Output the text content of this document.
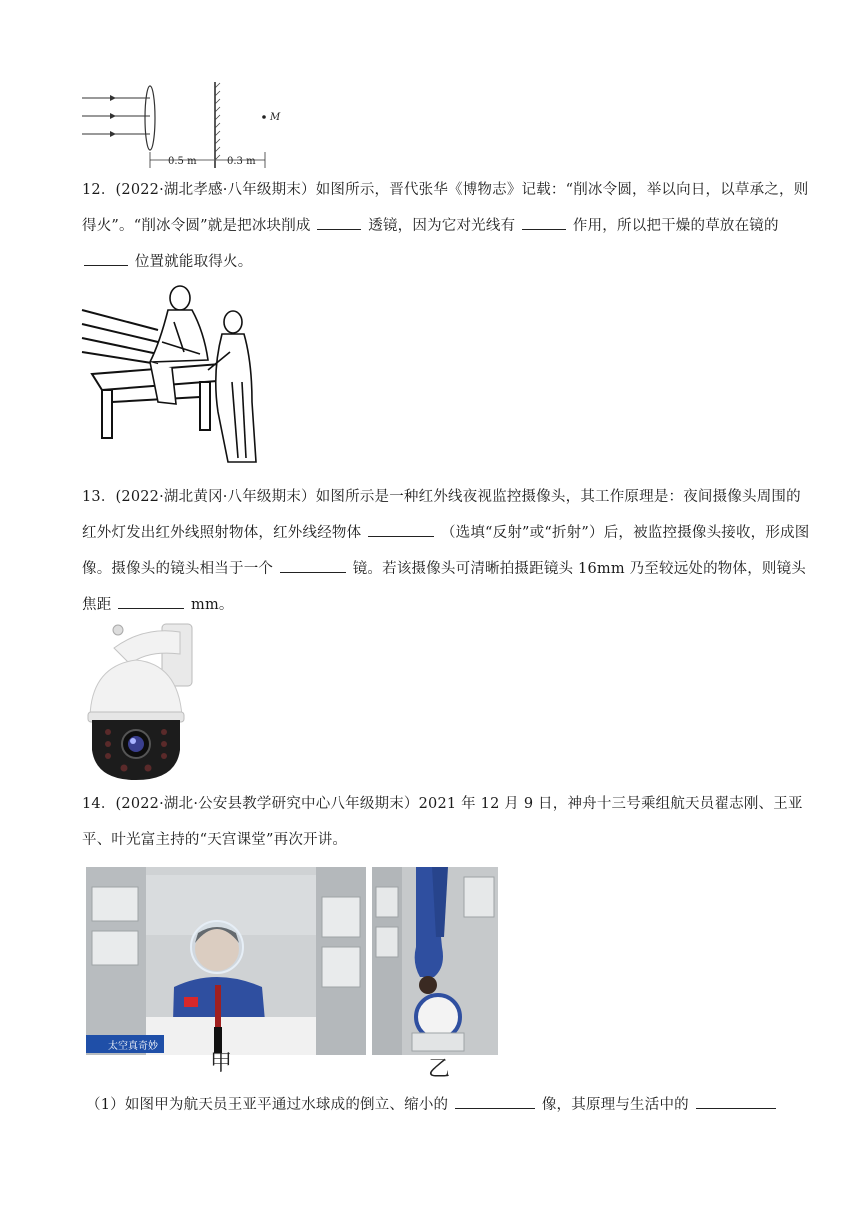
M
0.5 m	0.3 m
12．(2022·湖北孝感·八年级期末）如图所示，晋代张华《博物志》记载：“削冰令圆，举以向日，以草承之，则得火”。“削冰令圆”就是把冰块削成	透镜，因为它对光线有	作用，所以把干燥的草放在镜的  位置就能取得火。
13．(2022·湖北黄冈·八年级期末）如图所示是一种红外线夜视监控摄像头，其工作原理是：夜间摄像头周围的红外灯发出红外线照射物体，红外线经物体	（选填“反射”或“折射”）后，被监控摄像头接收，形成图像。摄像头的镜头相当于一个	镜。若该摄像头可清晰拍摄距镜头 16mm 乃至较远处的物体，则镜头焦距	mm。
14．(2022·湖北·公安县教学研究中心八年级期末）2021 年 12 月 9 日，神舟十三号乘组航天员翟志刚、王亚平、叶光富主持的“天宫课堂”再次开讲。
太空真奇妙
甲	乙
（1）如图甲为航天员王亚平通过水球成的倒立、缩小的	像，其原理与生活中的
